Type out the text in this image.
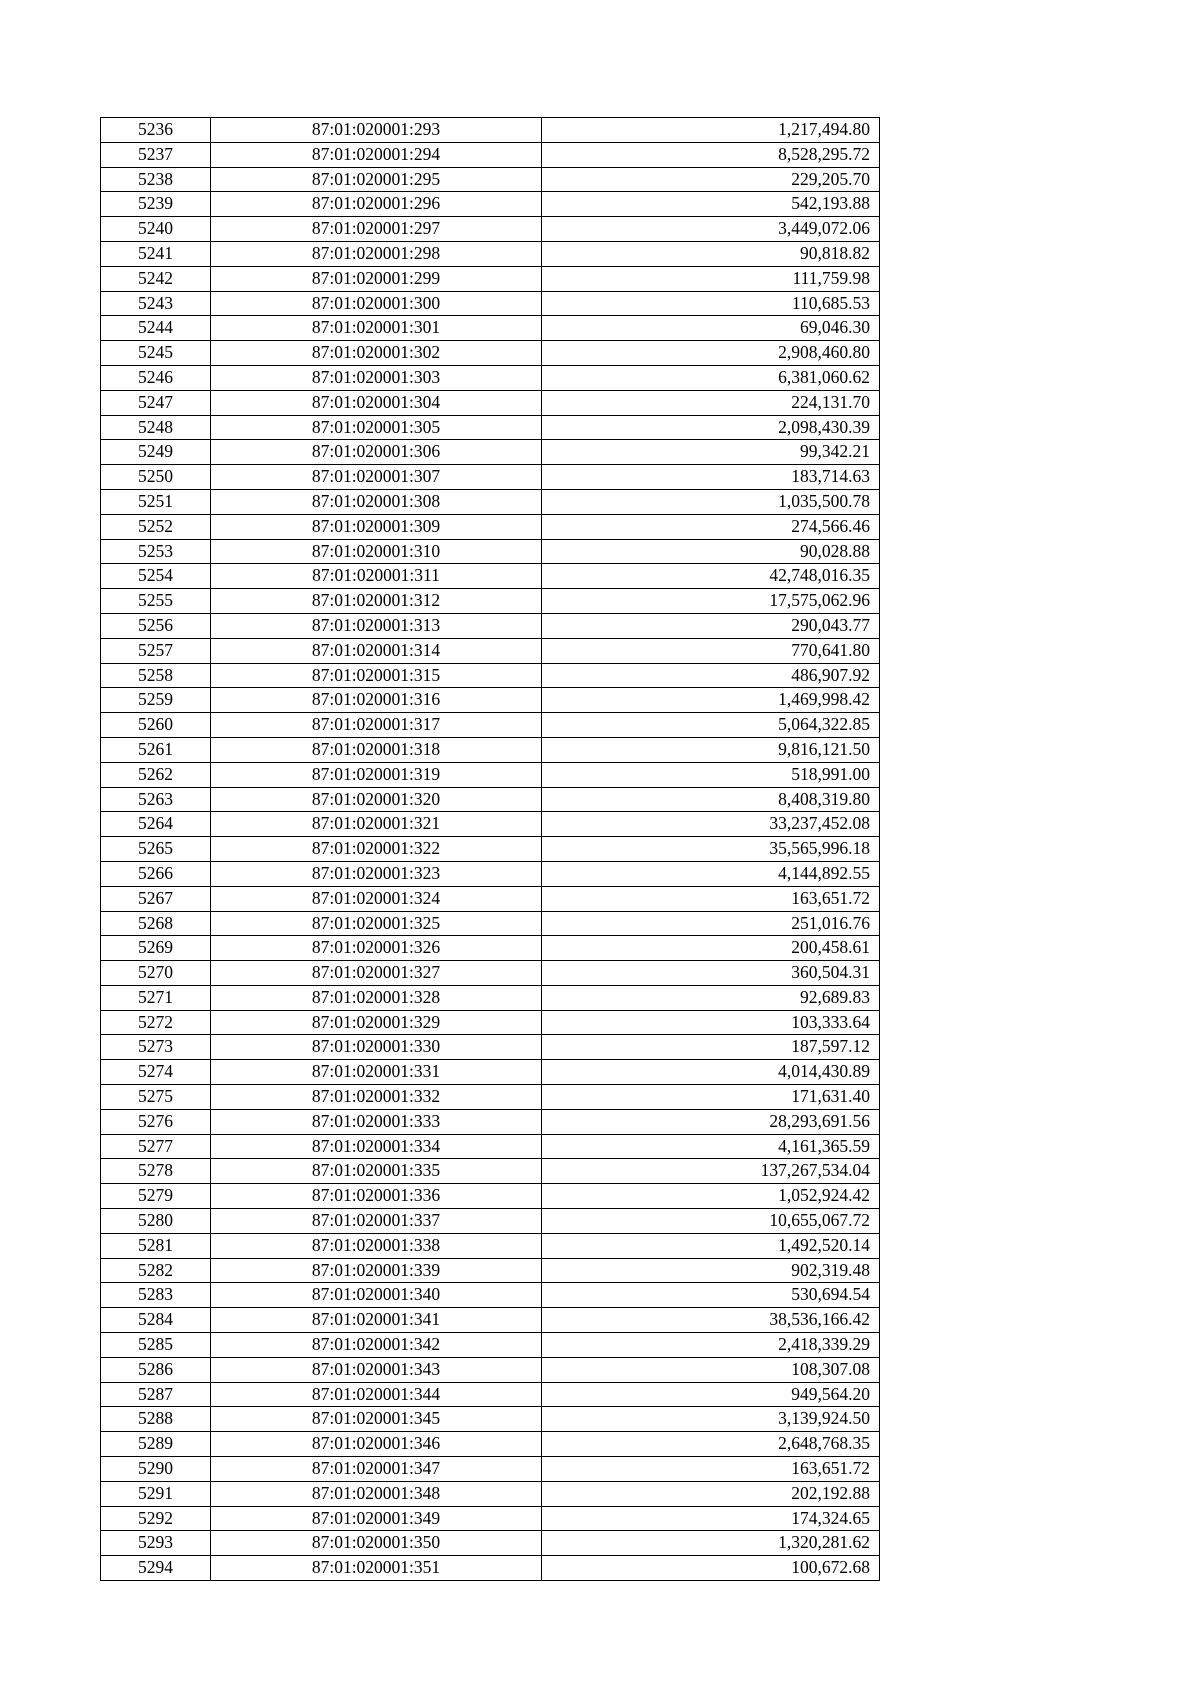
5236	87:01:020001:293	1,217,494.80
5237	87:01:020001:294	8,528,295.72
5238	87:01:020001:295	229,205.70
5239	87:01:020001:296	542,193.88
5240	87:01:020001:297	3,449,072.06
5241	87:01:020001:298	90,818.82
5242	87:01:020001:299	111,759.98
5243	87:01:020001:300	110,685.53
5244	87:01:020001:301	69,046.30
5245	87:01:020001:302	2,908,460.80
5246	87:01:020001:303	6,381,060.62
5247	87:01:020001:304	224,131.70
5248	87:01:020001:305	2,098,430.39
5249	87:01:020001:306	99,342.21
5250	87:01:020001:307	183,714.63
5251	87:01:020001:308	1,035,500.78
5252	87:01:020001:309	274,566.46
5253	87:01:020001:310	90,028.88
5254	87:01:020001:311	42,748,016.35
5255	87:01:020001:312	17,575,062.96
5256	87:01:020001:313	290,043.77
5257	87:01:020001:314	770,641.80
5258	87:01:020001:315	486,907.92
5259	87:01:020001:316	1,469,998.42
5260	87:01:020001:317	5,064,322.85
5261	87:01:020001:318	9,816,121.50
5262	87:01:020001:319	518,991.00
5263	87:01:020001:320	8,408,319.80
5264	87:01:020001:321	33,237,452.08
5265	87:01:020001:322	35,565,996.18
5266	87:01:020001:323	4,144,892.55
5267	87:01:020001:324	163,651.72
5268	87:01:020001:325	251,016.76
5269	87:01:020001:326	200,458.61
5270	87:01:020001:327	360,504.31
5271	87:01:020001:328	92,689.83
5272	87:01:020001:329	103,333.64
5273	87:01:020001:330	187,597.12
5274	87:01:020001:331	4,014,430.89
5275	87:01:020001:332	171,631.40
5276	87:01:020001:333	28,293,691.56
5277	87:01:020001:334	4,161,365.59
5278	87:01:020001:335	137,267,534.04
5279	87:01:020001:336	1,052,924.42
5280	87:01:020001:337	10,655,067.72
5281	87:01:020001:338	1,492,520.14
5282	87:01:020001:339	902,319.48
5283	87:01:020001:340	530,694.54
5284	87:01:020001:341	38,536,166.42
5285	87:01:020001:342	2,418,339.29
5286	87:01:020001:343	108,307.08
5287	87:01:020001:344	949,564.20
5288	87:01:020001:345	3,139,924.50
5289	87:01:020001:346	2,648,768.35
5290	87:01:020001:347	163,651.72
5291	87:01:020001:348	202,192.88
5292	87:01:020001:349	174,324.65
5293	87:01:020001:350	1,320,281.62
5294	87:01:020001:351	100,672.68
